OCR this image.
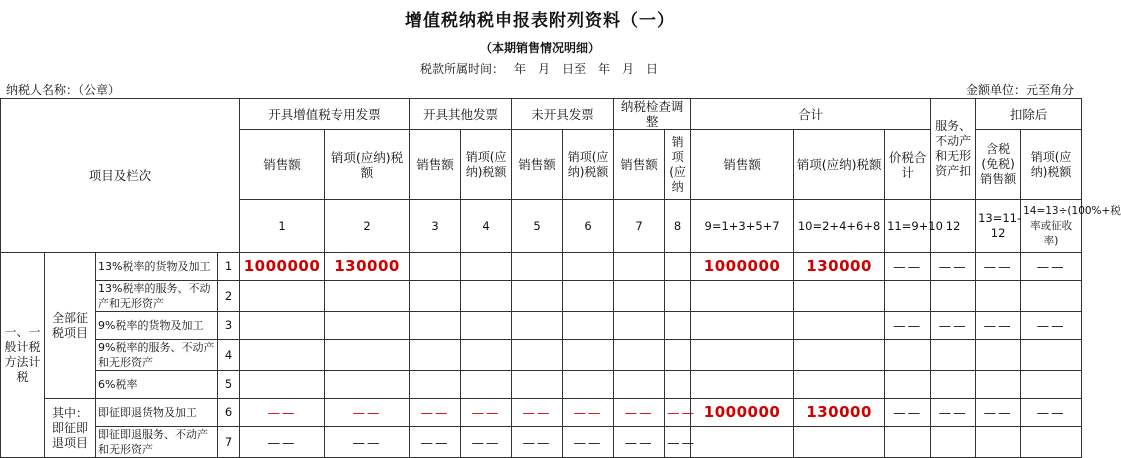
增值税纳税申报表附列资料（一）
（本期销售情况明细）
税款所属时间： 年　月　日至　年　月　日
纳税人名称：（公章）	金额单位：元至角分
项目及栏次				开具增值税专用发票		开具其他发票		未开具发票		纳税检查调整		合计			服务、不动产和无形资产扣	扣除后	
				销售额	销项(应纳)税额	销售额	销项(应纳)税额	销售额	销项(应纳)税额	销售额	销项(应纳	销售额	销项(应纳)税额	价税合计		含税(免税)销售额	销项(应纳)税额
				1	2	3	4	5	6	7	8	9=1+3+5+7	10=2+4+6+8	11=9+10	12	13=11-12	14=13÷(100%+税率或征收率)
一、一般计税方法计税	全部征税项目	13%税率的货物及加工	1	1000000	130000							1000000	130000	——	——	——	——
		13%税率的服务、不动产和无形资产	2														
		9%税率的货物及加工	3											——	——	——	——
		9%税率的服务、不动产和无形资产	4														
		6%税率	5														
	其中：即征即退项目	即征即退货物及加工	6	——	——	——	——	——	——	——	——	1000000	130000	——	——	——	——
		即征即退服务、不动产和无形资产	7	——	——	——	——	——	——	——	——						
